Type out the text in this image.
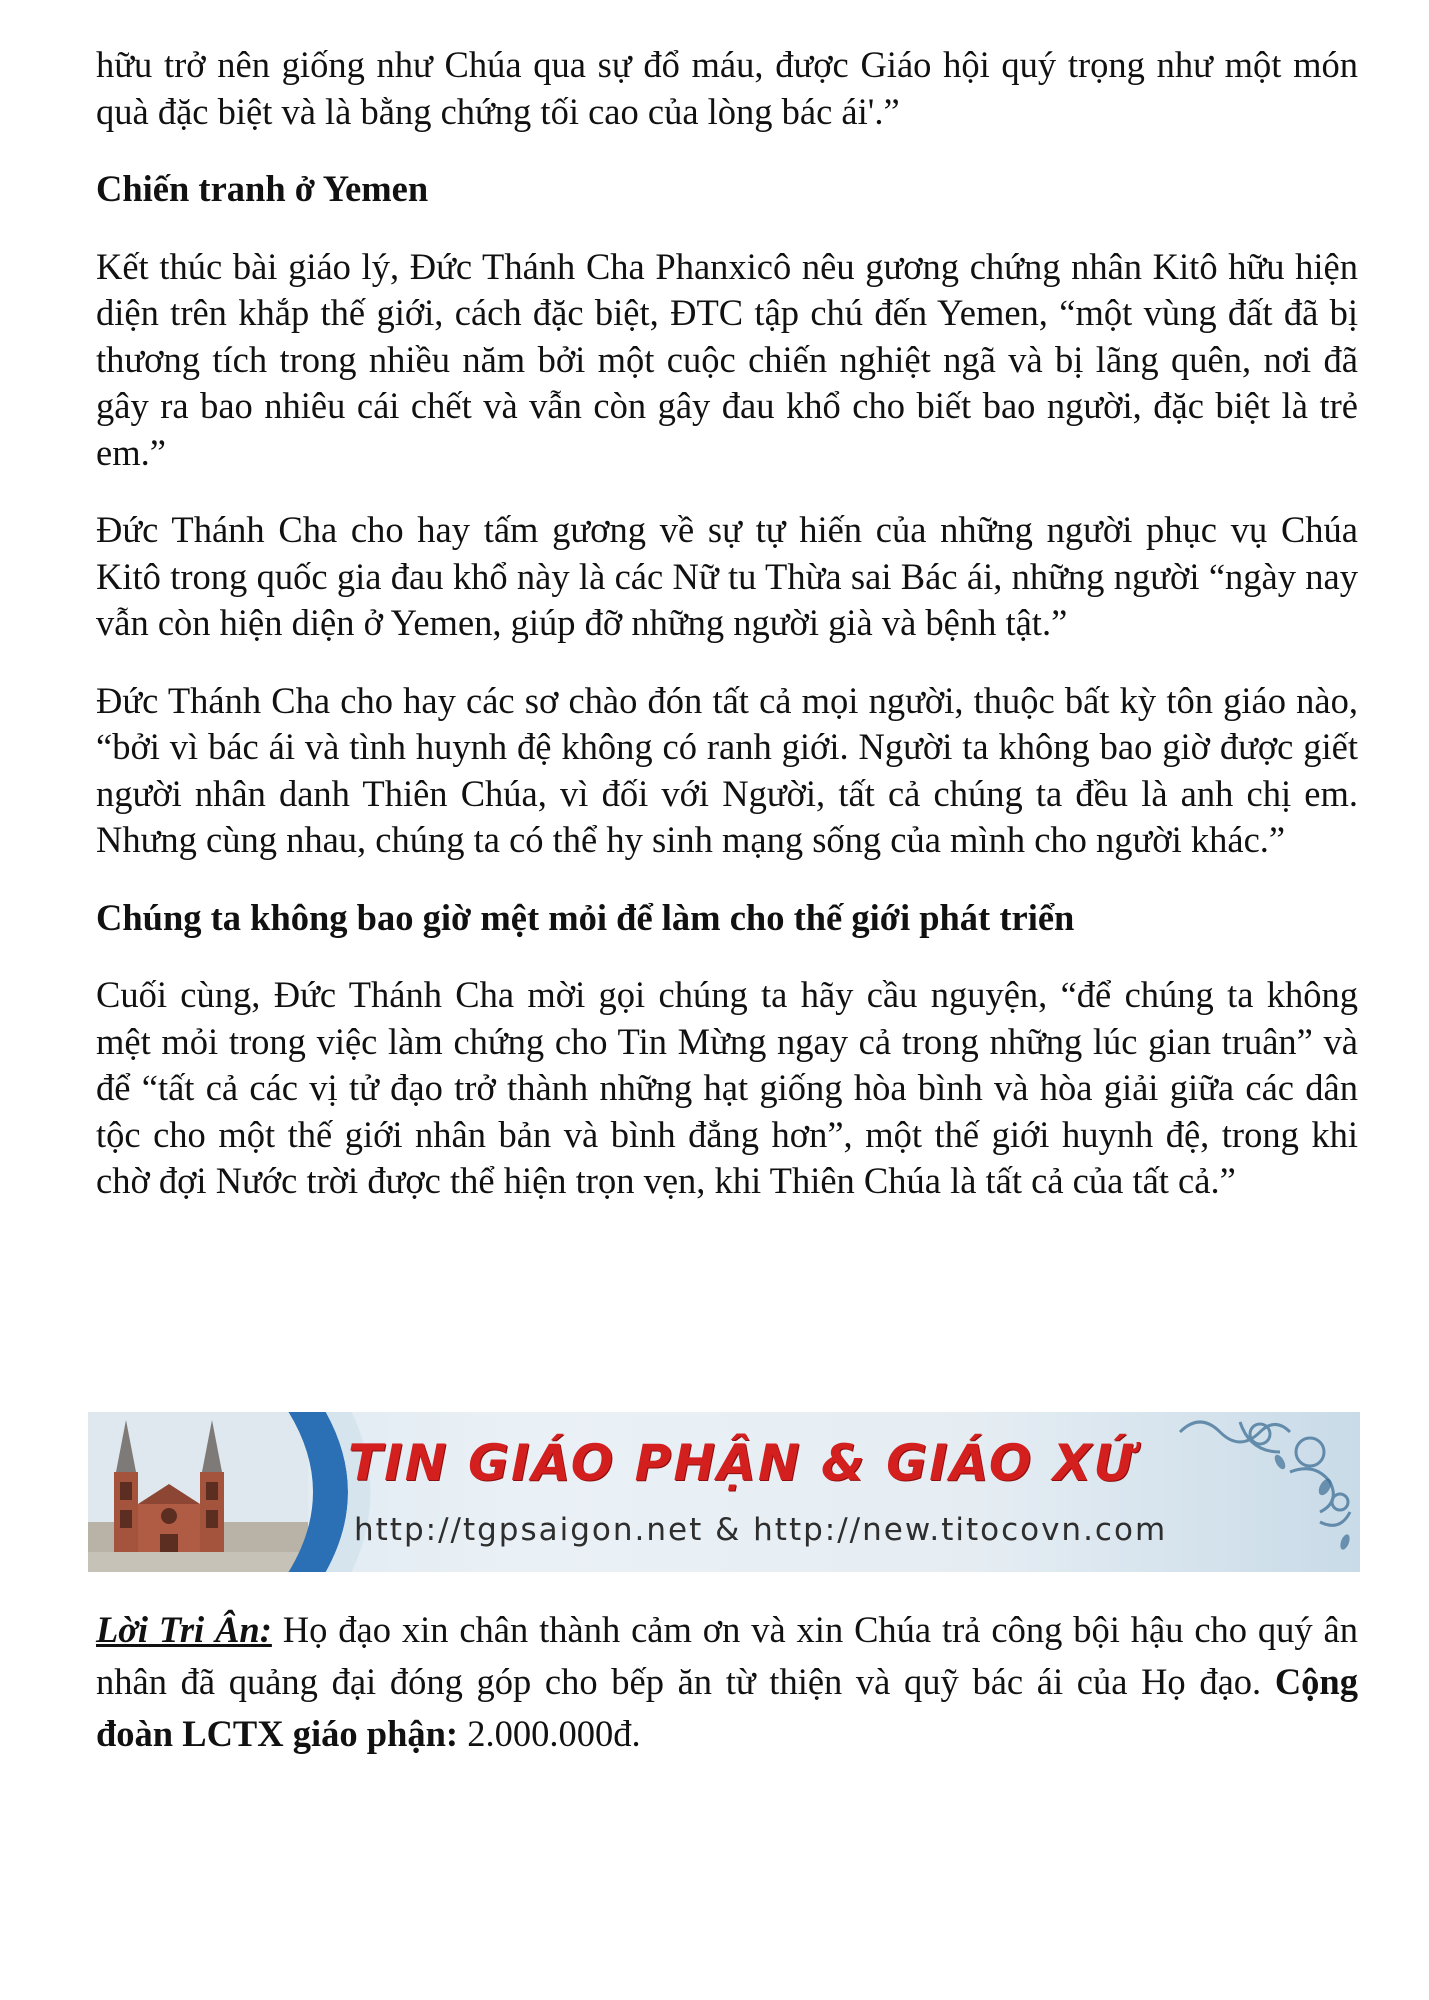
hữu trở nên giống như Chúa qua sự đổ máu, được Giáo hội quý trọng như một món quà đặc biệt và là bằng chứng tối cao của lòng bác ái'.”

Chiến tranh ở Yemen

Kết thúc bài giáo lý, Đức Thánh Cha Phanxicô nêu gương chứng nhân Kitô hữu hiện diện trên khắp thế giới, cách đặc biệt, ĐTC tập chú đến Yemen, “một vùng đất đã bị thương tích trong nhiều năm bởi một cuộc chiến nghiệt ngã và bị lãng quên, nơi đã gây ra bao nhiêu cái chết và vẫn còn gây đau khổ cho biết bao người, đặc biệt là trẻ em.”

Đức Thánh Cha cho hay tấm gương về sự tự hiến của những người phục vụ Chúa Kitô trong quốc gia đau khổ này là các Nữ tu Thừa sai Bác ái, những người “ngày nay vẫn còn hiện diện ở Yemen, giúp đỡ những người già và bệnh tật.”

Đức Thánh Cha cho hay các sơ chào đón tất cả mọi người, thuộc bất kỳ tôn giáo nào, “bởi vì bác ái và tình huynh đệ không có ranh giới. Người ta không bao giờ được giết người nhân danh Thiên Chúa, vì đối với Người, tất cả chúng ta đều là anh chị em. Nhưng cùng nhau, chúng ta có thể hy sinh mạng sống của mình cho người khác.”

Chúng ta không bao giờ mệt mỏi để làm cho thế giới phát triển

Cuối cùng, Đức Thánh Cha mời gọi chúng ta hãy cầu nguyện, “để chúng ta không mệt mỏi trong việc làm chứng cho Tin Mừng ngay cả trong những lúc gian truân” và để “tất cả các vị tử đạo trở thành những hạt giống hòa bình và hòa giải giữa các dân tộc cho một thế giới nhân bản và bình đẳng hơn”, một thế giới huynh đệ, trong khi chờ đợi Nước trời được thể hiện trọn vẹn, khi Thiên Chúa là tất cả của tất cả.”

TIN GIÁO PHẬN & GIÁO XỨ
http://tgpsaigon.net & http://new.titocovn.com

Lời Tri Ân: Họ đạo xin chân thành cảm ơn và xin Chúa trả công bội hậu cho quý ân nhân đã quảng đại đóng góp cho bếp ăn từ thiện và quỹ bác ái của Họ đạo. Cộng đoàn LCTX giáo phận: 2.000.000đ.
